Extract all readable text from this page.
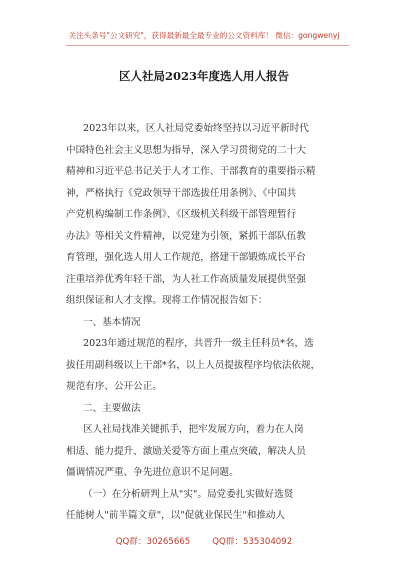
关注头条号"公文研究"，获得最新最全最专业的公文资料库！ 微信：gongwenyj
区人社局2023年度选人用人报告
2023年以来，区人社局党委始终坚持以习近平新时代
中国特色社会主义思想为指导，深入学习贯彻党的二十大
精神和习近平总书记关于人才工作、干部教育的重要指示精
神，严格执行《党政领导干部选拔任用条例》、《中国共
产党机构编制工作条例》、《区级机关科级干部管理暂行
办法》等相关文件精神，以党建为引领，紧抓干部队伍教
育管理，强化选人用人工作规范，搭建干部锻炼成长平台
注重培养优秀年轻干部，为人社工作高质量发展提供坚强
组织保证和人才支撑。现将工作情况报告如下：
一、基本情况
2023年通过规范的程序，共晋升一级主任科员*名，选
拔任用副科级以上干部*名，以上人员提拔程序均依法依规，
规范有序、公开公正。
二、主要做法
区人社局找准关键抓手，把牢发展方向，着力在人岗
相适、能力提升、激励关爱等方面上重点突破，解决人员
僵调情况严重、争先进位意识不足问题。
（一）在分析研判上从"实"。局党委扎实做好选贤
任能树人"前半篇文章"，以"促就业保民生"和推动人
QQ群：30265665	QQ群：535304092
